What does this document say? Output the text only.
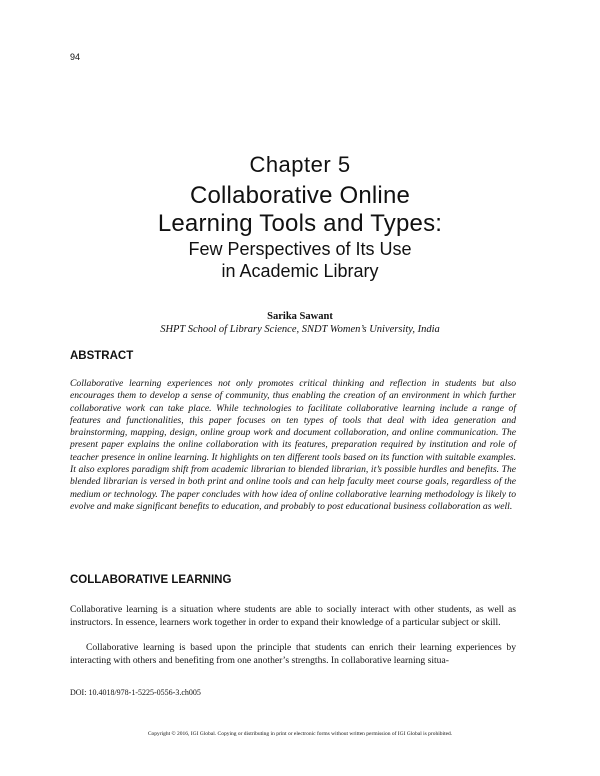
94
Chapter 5
Collaborative Online
Learning Tools and Types:
Few Perspectives of Its Use
in Academic Library
Sarika Sawant
SHPT School of Library Science, SNDT Women’s University, India
ABSTRACT

Collaborative learning experiences not only promotes critical thinking and reflection in students but also encourages them to develop a sense of community, thus enabling the creation of an environment in which further collaborative work can take place. While technologies to facilitate collaborative learning include a range of features and functionalities, this paper focuses on ten types of tools that deal with idea generation and brainstorming, mapping, design, online group work and document collaboration, and online communication. The present paper explains the online collaboration with its features, preparation required by institution and role of teacher presence in online learning. It highlights on ten different tools based on its function with suitable examples. It also explores paradigm shift from academic librarian to blended librarian, it’s possible hurdles and benefits. The blended librarian is versed in both print and online tools and can help faculty meet course goals, regardless of the medium or technology. The paper concludes with how idea of online collaborative learning methodology is likely to evolve and make significant benefits to education, and probably to post educational business collaboration as well.

COLLABORATIVE LEARNING

Collaborative learning is a situation where students are able to socially interact with other students, as well as instructors. In essence, learners work together in order to expand their knowledge of a particular subject or skill.

Collaborative learning is based upon the principle that students can enrich their learning experiences by interacting with others and benefiting from one another’s strengths. In collaborative learning situa-

DOI: 10.4018/978-1-5225-0556-3.ch005
Copyright © 2016, IGI Global. Copying or distributing in print or electronic forms without written permission of IGI Global is prohibited.
